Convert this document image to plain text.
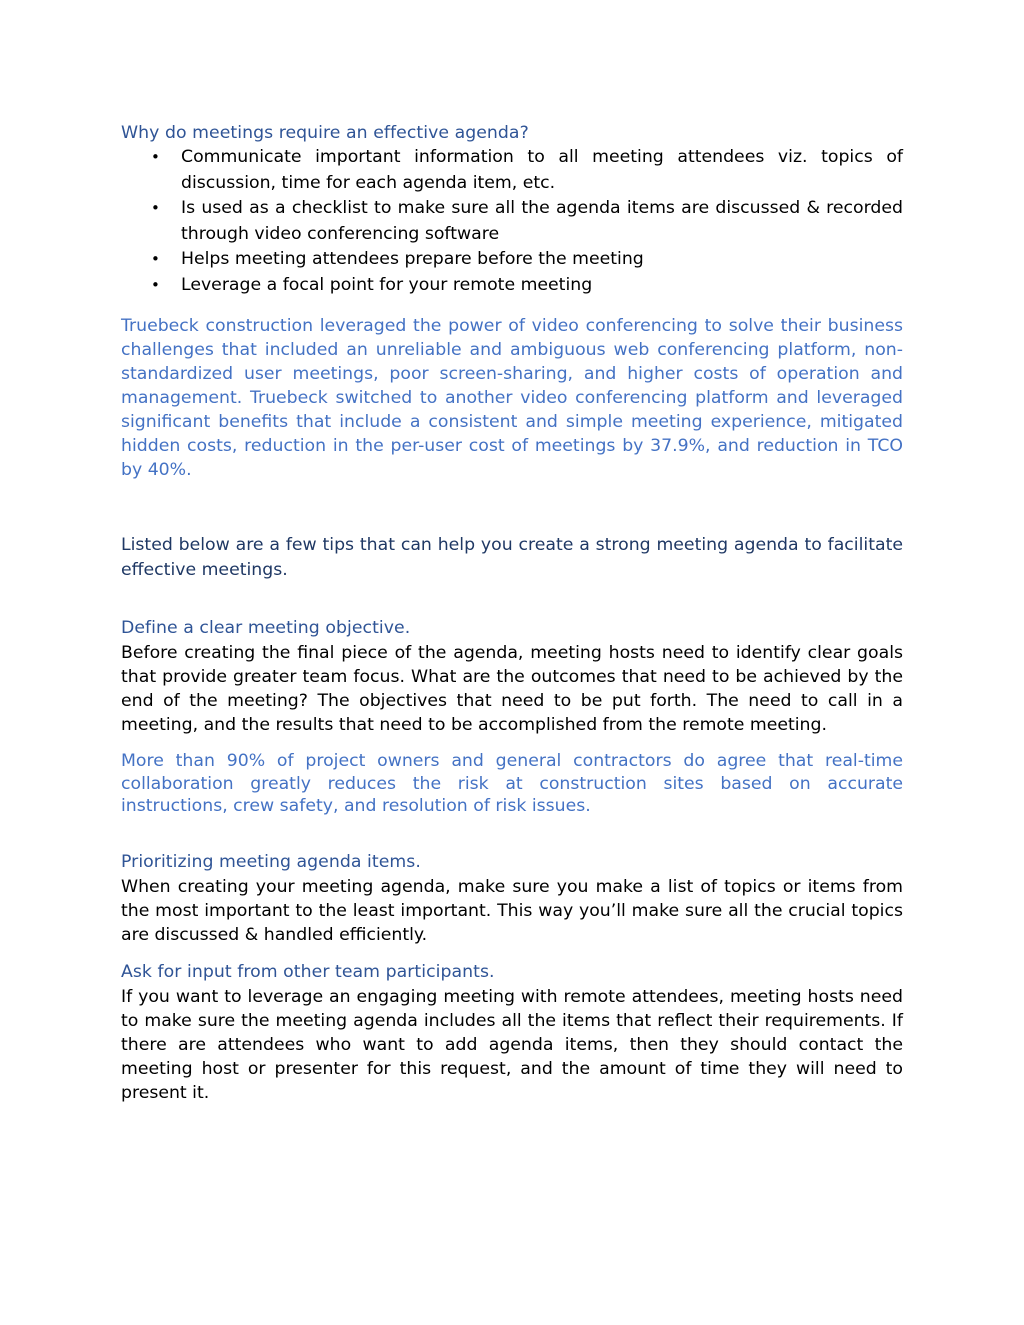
Why do meetings require an effective agenda?

• Communicate important information to all meeting attendees viz. topics of discussion, time for each agenda item, etc.
• Is used as a checklist to make sure all the agenda items are discussed & recorded through video conferencing software
• Helps meeting attendees prepare before the meeting
• Leverage a focal point for your remote meeting

Truebeck construction leveraged the power of video conferencing to solve their business challenges that included an unreliable and ambiguous web conferencing platform, non-standardized user meetings, poor screen-sharing, and higher costs of operation and management. Truebeck switched to another video conferencing platform and leveraged significant benefits that include a consistent and simple meeting experience, mitigated hidden costs, reduction in the per-user cost of meetings by 37.9%, and reduction in TCO by 40%.

Listed below are a few tips that can help you create a strong meeting agenda to facilitate effective meetings.

Define a clear meeting objective.

Before creating the final piece of the agenda, meeting hosts need to identify clear goals that provide greater team focus. What are the outcomes that need to be achieved by the end of the meeting? The objectives that need to be put forth. The need to call in a meeting, and the results that need to be accomplished from the remote meeting.

More than 90% of project owners and general contractors do agree that real-time collaboration greatly reduces the risk at construction sites based on accurate instructions, crew safety, and resolution of risk issues.

Prioritizing meeting agenda items.

When creating your meeting agenda, make sure you make a list of topics or items from the most important to the least important. This way you’ll make sure all the crucial topics are discussed & handled efficiently.

Ask for input from other team participants.

If you want to leverage an engaging meeting with remote attendees, meeting hosts need to make sure the meeting agenda includes all the items that reflect their requirements. If there are attendees who want to add agenda items, then they should contact the meeting host or presenter for this request, and the amount of time they will need to present it.
